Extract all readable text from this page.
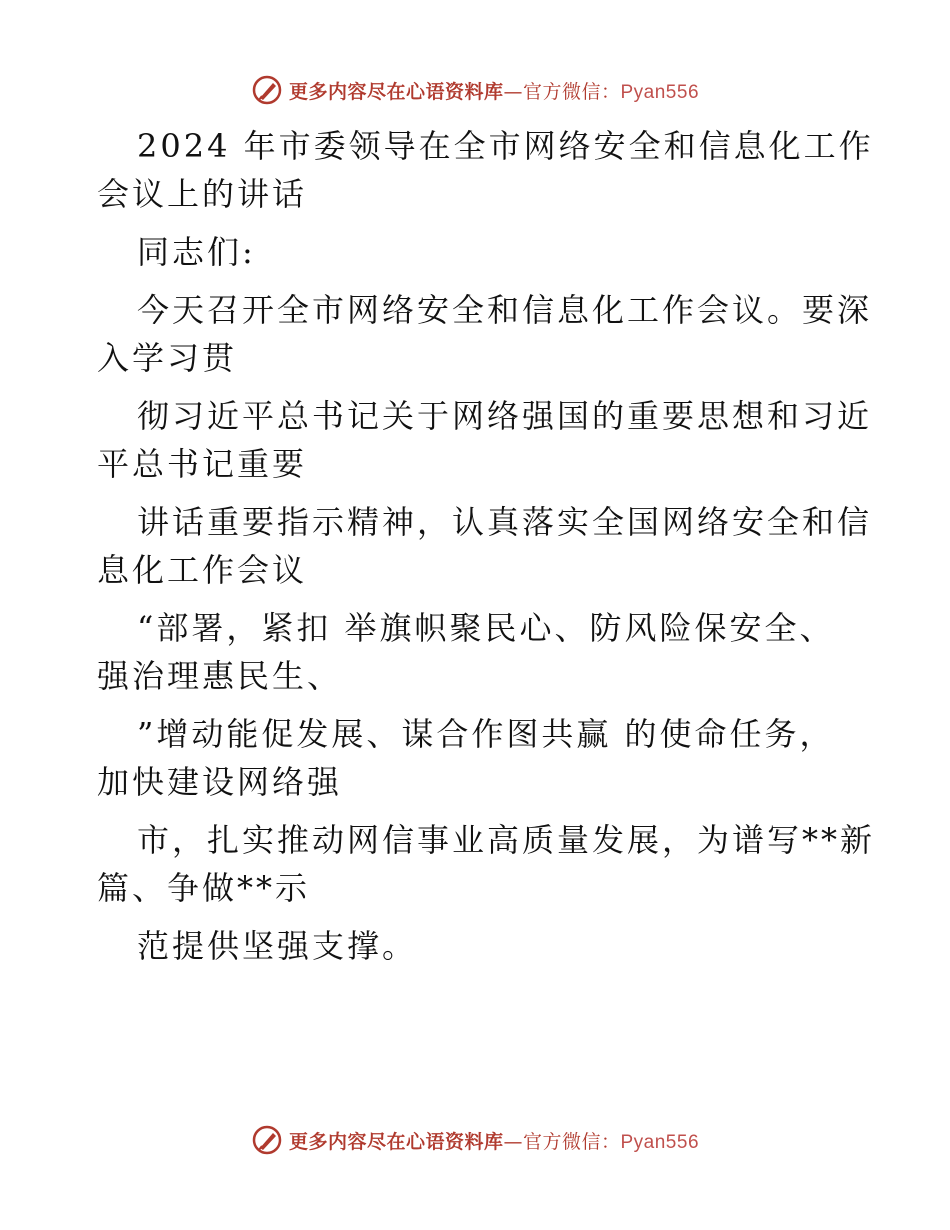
更多内容尽在心语资料库—官方微信：Pyan556
2024 年市委领导在全市网络安全和信息化工作
会议上的讲话
同志们:
今天召开全市网络安全和信息化工作会议。要深
入学习贯
彻习近平总书记关于网络强国的重要思想和习近
平总书记重要
讲话重要指示精神，认真落实全国网络安全和信
息化工作会议
“部署，紧扣 举旗帜聚民心、防风险保安全、
强治理惠民生、
”增动能促发展、谋合作图共赢 的使命任务，
加快建设网络强
市，扎实推动网信事业高质量发展，为谱写**新
篇、争做**示
范提供坚强支撑。
更多内容尽在心语资料库—官方微信：Pyan556
